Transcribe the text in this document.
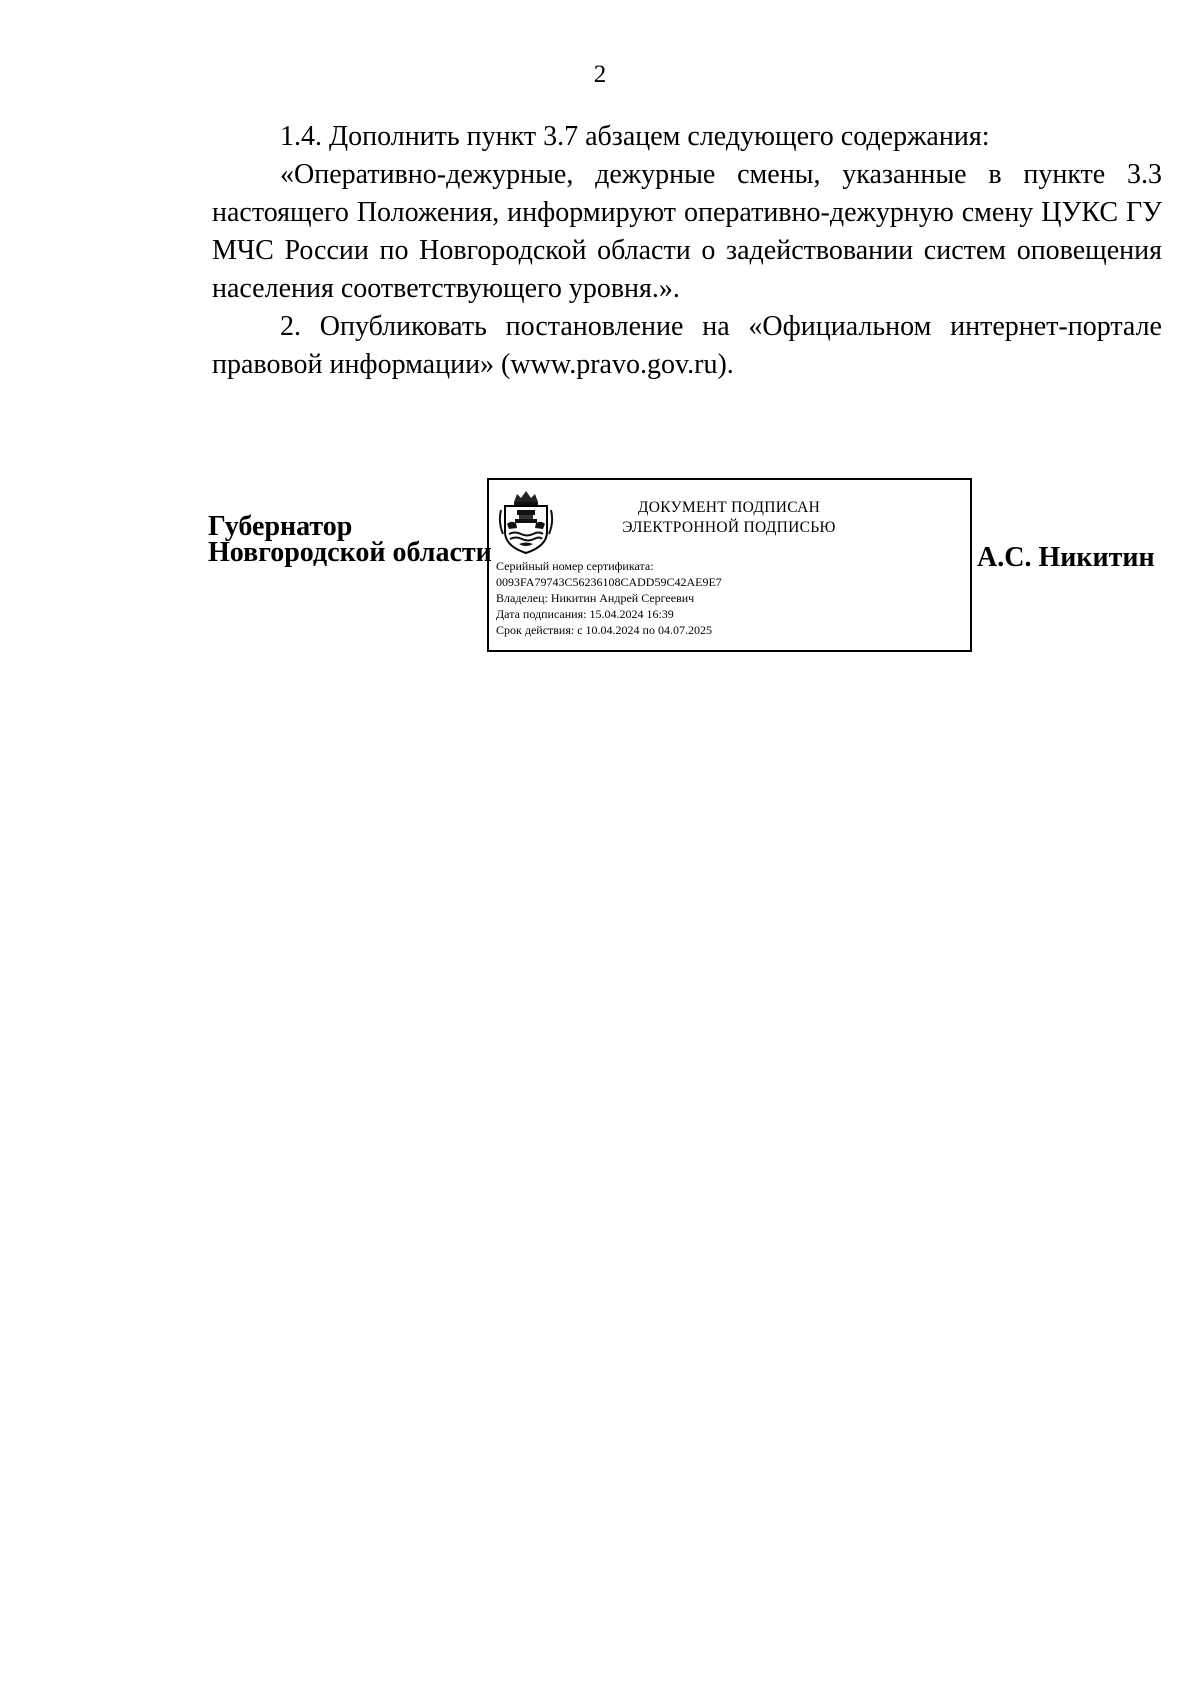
2

1.4. Дополнить пункт 3.7 абзацем следующего содержания:

«Оперативно-дежурные, дежурные смены, указанные в пункте 3.3 настоящего Положения, информируют оперативно-дежурную смену ЦУКС ГУ МЧС России по Новгородской области о задействовании систем оповещения населения соответствующего уровня.».

2. Опубликовать постановление на «Официальном интернет-портале правовой информации» (www.pravo.gov.ru).

Губернатор
Новгородской области
ДОКУМЕНТ ПОДПИСАН
ЭЛЕКТРОННОЙ ПОДПИСЬЮ
Серийный номер сертификата:
0093FA79743C56236108CADD59C42AE9E7
Владелец: Никитин Андрей Сергеевич
Дата подписания: 15.04.2024 16:39
Срок действия: с 10.04.2024 по 04.07.2025
А.С. Никитин
